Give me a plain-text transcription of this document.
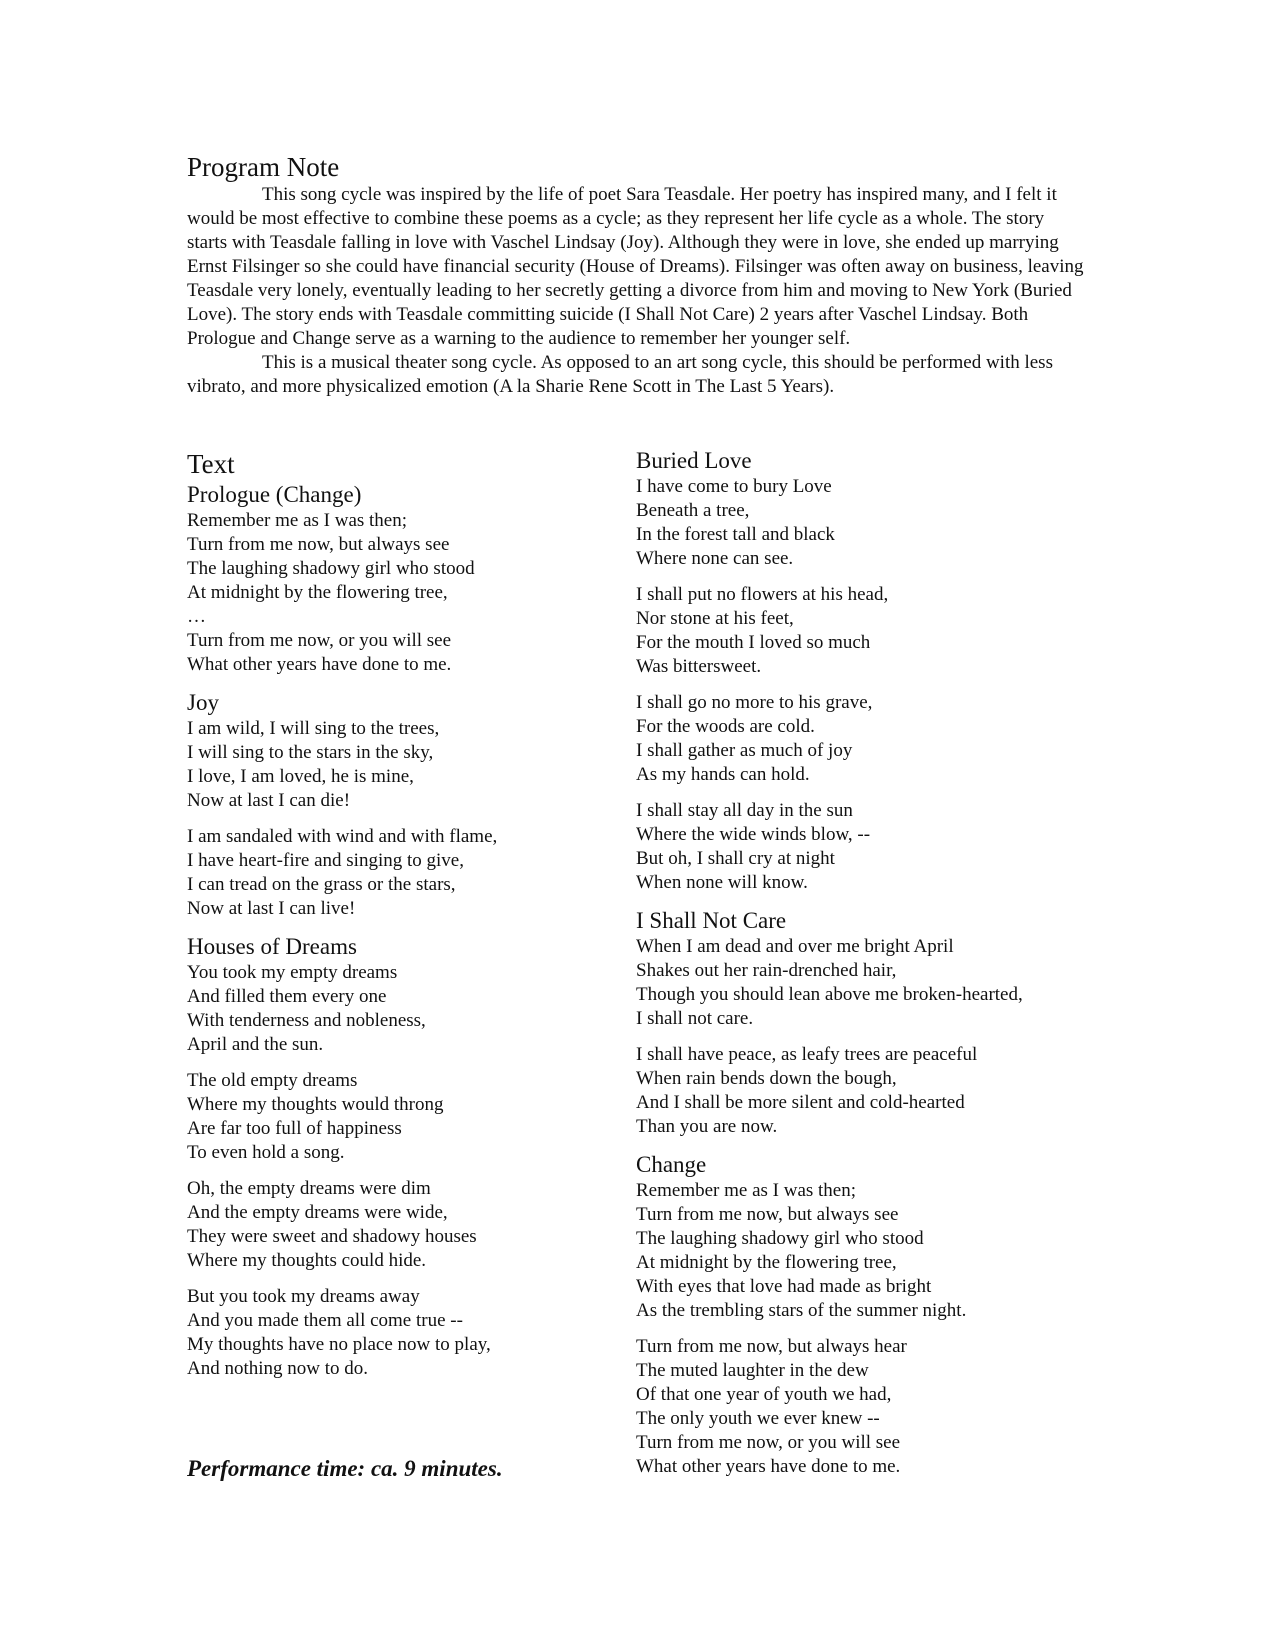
Program Note

This song cycle was inspired by the life of poet Sara Teasdale. Her poetry has inspired many, and I felt it would be most effective to combine these poems as a cycle; as they represent her life cycle as a whole. The story starts with Teasdale falling in love with Vaschel Lindsay (Joy). Although they were in love, she ended up marrying Ernst Filsinger so she could have financial security (House of Dreams). Filsinger was often away on business, leaving Teasdale very lonely, eventually leading to her secretly getting a divorce from him and moving to New York (Buried Love). The story ends with Teasdale committing suicide (I Shall Not Care) 2 years after Vaschel Lindsay. Both Prologue and Change serve as a warning to the audience to remember her younger self.

This is a musical theater song cycle. As opposed to an art song cycle, this should be performed with less vibrato, and more physicalized emotion (A la Sharie Rene Scott in The Last 5 Years).

Text
Prologue (Change)
Remember me as I was then;
Turn from me now, but always see
The laughing shadowy girl who stood
At midnight by the flowering tree,
…
Turn from me now, or you will see
What other years have done to me.
Joy
I am wild, I will sing to the trees,
I will sing to the stars in the sky,
I love, I am loved, he is mine,
Now at last I can die!
I am sandaled with wind and with flame,
I have heart-fire and singing to give,
I can tread on the grass or the stars,
Now at last I can live!
Houses of Dreams
You took my empty dreams
And filled them every one
With tenderness and nobleness,
April and the sun.
The old empty dreams
Where my thoughts would throng
Are far too full of happiness
To even hold a song.
Oh, the empty dreams were dim
And the empty dreams were wide,
They were sweet and shadowy houses
Where my thoughts could hide.
But you took my dreams away
And you made them all come true --
My thoughts have no place now to play,
And nothing now to do.
Buried Love
I have come to bury Love
Beneath a tree,
In the forest tall and black
Where none can see.
I shall put no flowers at his head,
Nor stone at his feet,
For the mouth I loved so much
Was bittersweet.
I shall go no more to his grave,
For the woods are cold.
I shall gather as much of joy
As my hands can hold.
I shall stay all day in the sun
Where the wide winds blow, --
But oh, I shall cry at night
When none will know.
I Shall Not Care
When I am dead and over me bright April
Shakes out her rain-drenched hair,
Though you should lean above me broken-hearted,
I shall not care.
I shall have peace, as leafy trees are peaceful
When rain bends down the bough,
And I shall be more silent and cold-hearted
Than you are now.
Change
Remember me as I was then;
Turn from me now, but always see
The laughing shadowy girl who stood
At midnight by the flowering tree,
With eyes that love had made as bright
As the trembling stars of the summer night.
Turn from me now, but always hear
The muted laughter in the dew
Of that one year of youth we had,
The only youth we ever knew --
Turn from me now, or you will see
What other years have done to me.
Performance time: ca. 9 minutes.
